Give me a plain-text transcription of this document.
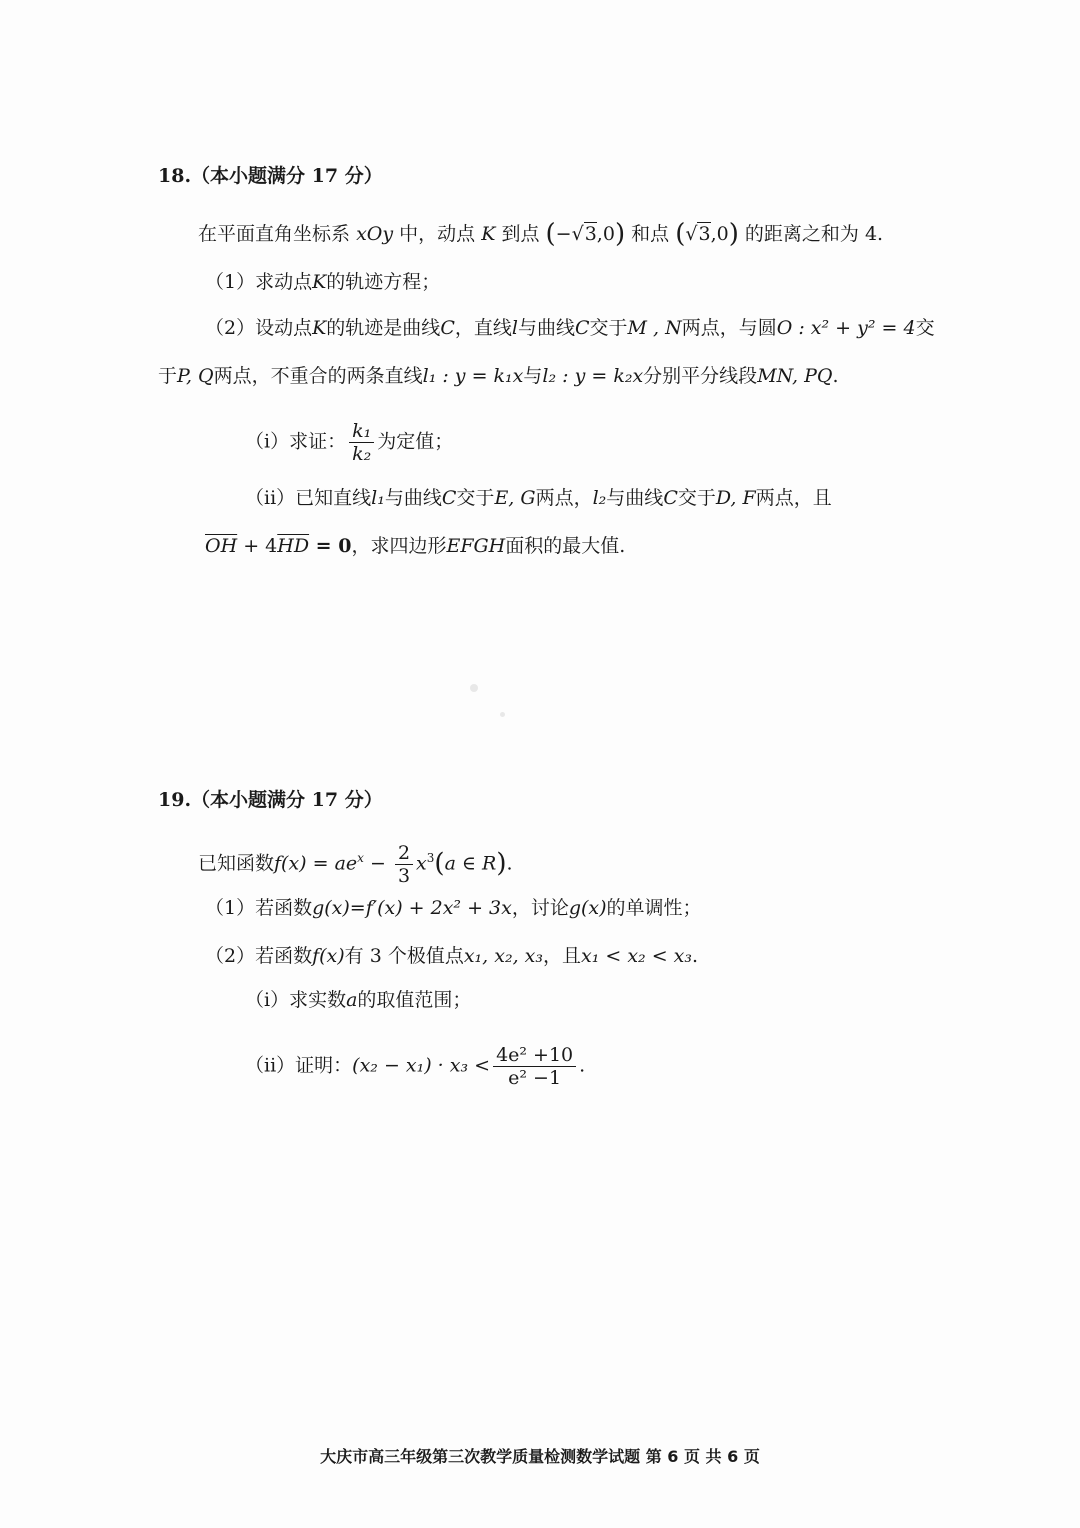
18.（本小题满分 17 分）
在平面直角坐标系 xOy 中，动点 K 到点 (−√3,0) 和点 (√3,0) 的距离之和为 4.
（1）求动点K的轨迹方程；
（2）设动点K的轨迹是曲线C，直线l与曲线C交于M , N两点，与圆O : x² + y² = 4交
于P, Q两点，不重合的两条直线l₁ : y = k₁x与l₂ : y = k₂x分别平分线段MN, PQ.
（i）求证： $\frac{\text{k₁}}{\text{k₂}}$ 为定值；
（ii）已知直线l₁与曲线C交于E, G两点，l₂与曲线C交于D, F两点，且
$\overline{OH} + 4\overline{HD} = 0$，求四边形EFGH面积的最大值.
19.（本小题满分 17 分）
已知函数$f(x) = ae^x - \frac{2}{3} x^3(a$ ∈ R).
（1）若函数g(x)=f′(x) + 2x² + 3x，讨论g(x)的单调性；
（2）若函数f(x)有 3 个极值点x₁, x₂, x₃，且x₁ < x₂ < x₃.
（i）求实数a的取值范围；
（ii）证明：$(x_2 - x_1) \cdot x_3 < \frac{\text{4e² +10}}{\text{e² −1}}$ .
大庆市高三年级第三次教学质量检测数学试题 第 6 页 共 6 页
